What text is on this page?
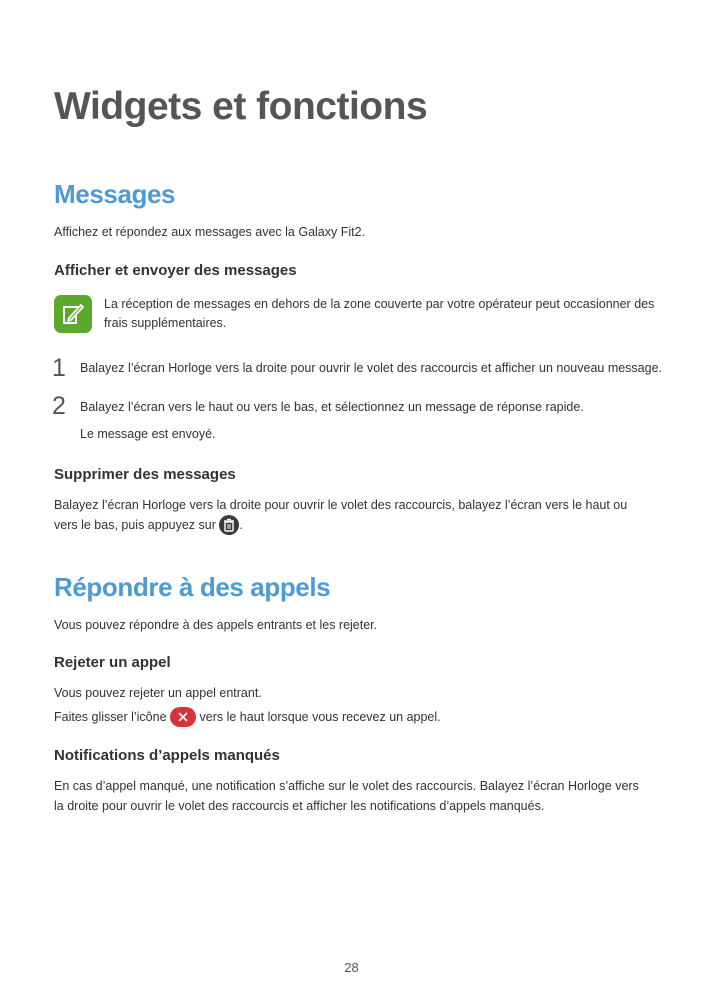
Widgets et fonctions
Messages

Affichez et répondez aux messages avec la Galaxy Fit2.

Afficher et envoyer des messages

La réception de messages en dehors de la zone couverte par votre opérateur peut occasionner des frais supplémentaires.

1 Balayez l’écran Horloge vers la droite pour ouvrir le volet des raccourcis et afficher un nouveau message.

2 Balayez l’écran vers le haut ou vers le bas, et sélectionnez un message de réponse rapide.

Le message est envoyé.

Supprimer des messages

Balayez l’écran Horloge vers la droite pour ouvrir le volet des raccourcis, balayez l’écran vers le haut ou vers le bas, puis appuyez sur .

Répondre à des appels

Vous pouvez répondre à des appels entrants et les rejeter.

Rejeter un appel

Vous pouvez rejeter un appel entrant.

Faites glisser l’icône	vers le haut lorsque vous recevez un appel.

Notifications d’appels manqués

En cas d’appel manqué, une notification s’affiche sur le volet des raccourcis. Balayez l’écran Horloge vers la droite pour ouvrir le volet des raccourcis et afficher les notifications d’appels manqués.

28
